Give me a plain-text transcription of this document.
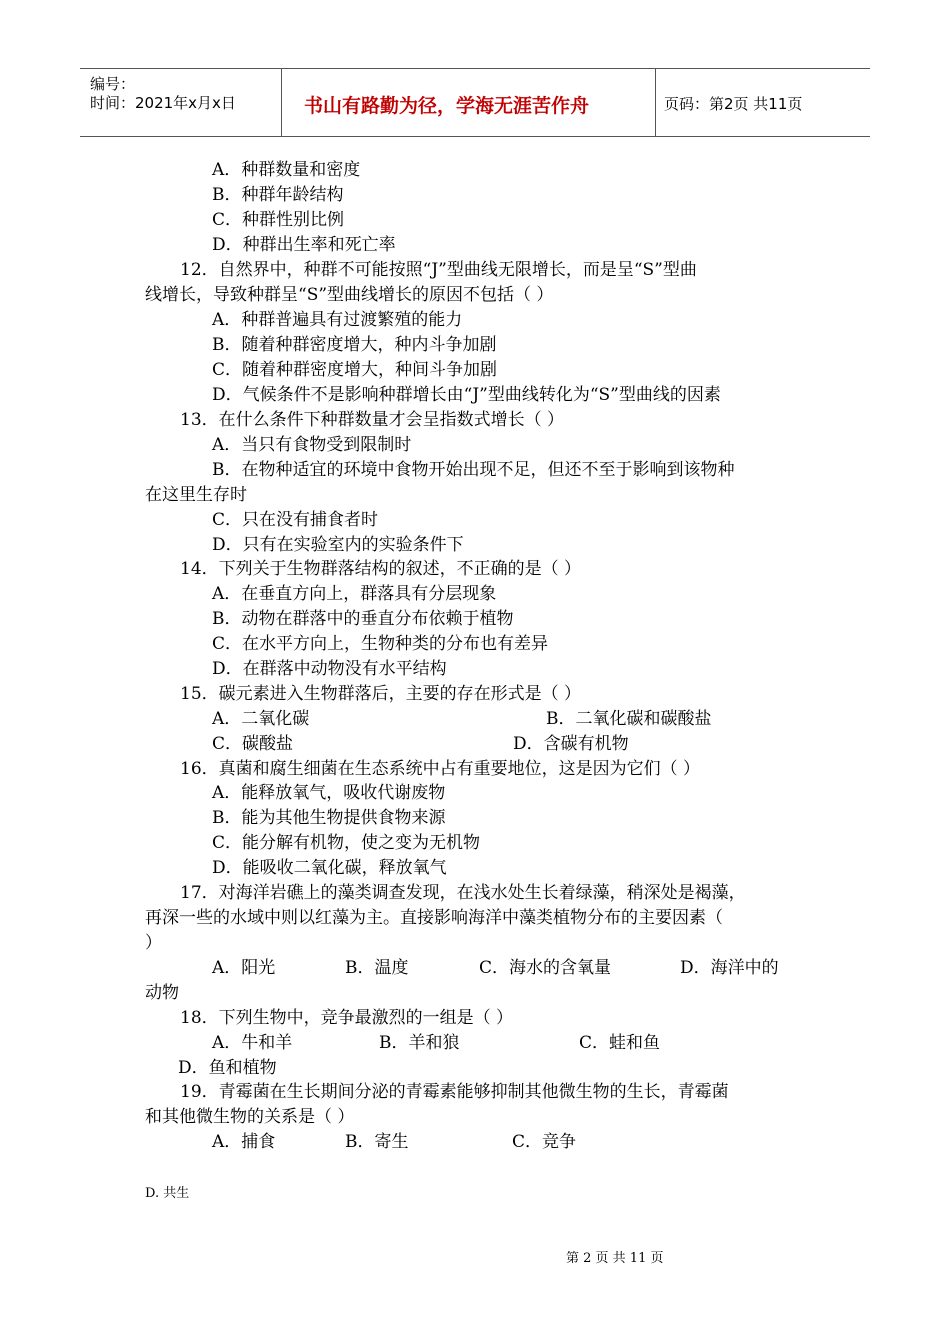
编号：
时间：2021年x月x日	书山有路勤为径，学海无涯苦作舟	页码：第2页 共11页
A．种群数量和密度
B．种群年龄结构
C．种群性别比例
D．种群出生率和死亡率
12．自然界中，种群不可能按照“J”型曲线无限增长，而是呈“S”型曲
线增长，导致种群呈“S”型曲线增长的原因不包括（ ）
A．种群普遍具有过渡繁殖的能力
B．随着种群密度增大，种内斗争加剧
C．随着种群密度增大，种间斗争加剧
D．气候条件不是影响种群增长由“J”型曲线转化为“S”型曲线的因素
13．在什么条件下种群数量才会呈指数式增长（ ）
A．当只有食物受到限制时
B．在物种适宜的环境中食物开始出现不足，但还不至于影响到该物种
在这里生存时
C．只在没有捕食者时
D．只有在实验室内的实验条件下
14．下列关于生物群落结构的叙述，不正确的是（ ）
A．在垂直方向上，群落具有分层现象
B．动物在群落中的垂直分布依赖于植物
C．在水平方向上，生物种类的分布也有差异
D．在群落中动物没有水平结构
15．碳元素进入生物群落后，主要的存在形式是（ ）
A．二氧化碳	B．二氧化碳和碳酸盐
C．碳酸盐	D．含碳有机物
16．真菌和腐生细菌在生态系统中占有重要地位，这是因为它们（ ）
A．能释放氧气，吸收代谢废物
B．能为其他生物提供食物来源
C．能分解有机物，使之变为无机物
D．能吸收二氧化碳，释放氧气
17．对海洋岩礁上的藻类调查发现，在浅水处生长着绿藻，稍深处是褐藻，
再深一些的水域中则以红藻为主。直接影响海洋中藻类植物分布的主要因素（
）
A．阳光	B．温度	C．海水的含氧量	D．海洋中的
动物
18．下列生物中，竞争最激烈的一组是（ ）
A．牛和羊	B．羊和狼	C．蛙和鱼
D．鱼和植物
19．青霉菌在生长期间分泌的青霉素能够抑制其他微生物的生长，青霉菌
和其他微生物的关系是（ ）
A．捕食	B．寄生	C．竞争
D. 共生
第 2 页 共 11 页
